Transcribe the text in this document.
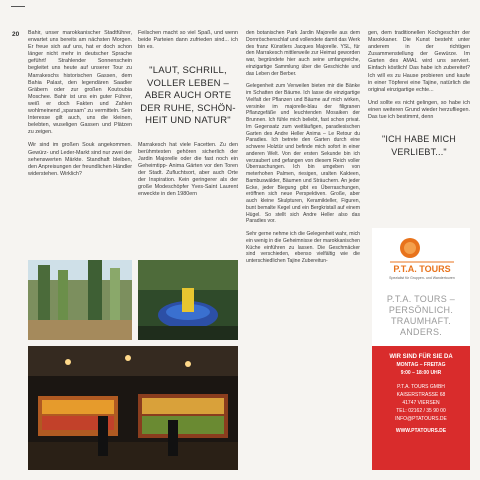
20 Bahir, unser marokkanischer Stadtführer, erwartet uns bereits am nächsten Morgen. Er freue sich auf uns, hat er doch schon länger nicht mehr in deutscher Sprache geführt! Strahlender Sonnenschein begleitet uns heute auf unserer Tour zu Marrakeschs historischen Gassen, dem Bahia Palast, den legendären Saadier Gräbern oder zur großen Koutoubia Moschee. Bahir ist uns ein guter Führer, weiß er doch Fakten und Zahlen wohlmeinend „sparsam“ zu vermitteln. Sein Interesse gilt auch, uns die kleinen, belebten, wuseligen Gassen und Plätzen zu zeigen.

Wir sind im großen Souk angekommen. Gewürz- und Leder-Markt sind nur zwei der sehenswerten Märkte. Standhaft bleiben, den Anpreisungen der freundlichen Händler widerstehen. Wirklich?

Feilschen macht so viel Spaß, und wenn beide Parteien dann zufrieden sind... ich bin es.

"LAUT, SCHRILL,
VOLLER LEBEN –
ABER AUCH ORTE
DER RUHE, SCHÖN-
HEIT UND NATUR"

Marrakesch hat viele Facetten. Zu den berühmtesten gehören sicherlich der Jardin Majorelle oder die fast noch ein Geheimtipp- Anima Gärten vor den Toren der Stadt. Zufluchtsort, aber auch Orte der Inspiration. Kein geringerer als der große Modeschöpfer Yves-Saint Laurent erweckte in den 1980ern

den botanischen Park Jardin Majorelle aus dem Dornröschenschlaf und vollendete damit das Werk des franz Künstlers Jacques Majorelle. YSL, für den Marrakesch mittlerweile zur Heimat geworden war, begründete hier auch seine umfangreiche, einzigartige Sammlung über die Geschichte und das Leben der Berber.

Gelegenheit zum Verweilen bieten mir die Bänke im Schatten der Bäume. Ich lasse die einzigartige Vielfalt der Pflanzen und Bäume auf mich wirken, versinke im majorelle-blau der filigranen Pflanzgefäße und leuchtenden Mosaiken der Brunnen. Ich fühle mich beliebt, fast schon privat. Im Gegensatz zum weitläufigen, paradiesischen Garten des Andre Heller Anima – Le Retour du Paradies. Ich betrete den Garten durch eine schwere Holztür und befinde mich sofort in einer anderen Welt. Von der ersten Sekunde bin ich verzaubert und gefangen von diesem Reich voller Überraschungen. Ich bin umgeben von meterhohen Palmen, riesigen, uralten Kakteen, Bambuswälder, Bäumen und Sträuchern. An jeder Ecke, jeder Biegung gibt es Überraschungen, eröffnen sich neue Perspektiven. Große, aber auch kleine Skulpturen, Keramikteller, Figuren, bunt bemalte Kegel und ein Bergkristall auf einem Hügel. So stellt sich Andre Heller also das Paradies vor.

Sehr gerne nehme ich die Gelegenheit wahr, mich ein wenig in die Geheimnisse der marokkanischen Küche einführen zu lassen. Die Geschmäcker sind verschieden, ebenso vielfältig wie die unterschiedlichen Tajine Zubereitun-

gen, dem traditionellen Kochgeschirr der Marokkaner. Die Kunst besteht unter anderem in der richtigen Zusammenstellung der Gewürze. Im Garten des AMAL wird uns serviert. Einfach köstlich! Das habe ich zubereitet? Ich will es zu Hause probieren und kaufe in einer Töpferei eine Tajine, natürlich die original einzigartige echte...

Und sollte es nicht gelingen, so habe ich einen weiteren Grund wieder herzufliegen. Das tue ich bestimmt, denn

"ICH HABE MICH
VERLIEBT..."
P.T.A. TOURS
Spezialist für Gruppen- und Wandertouren
P.T.A. TOURS –
PERSÖNLICH.
TRAUMHAFT.
ANDERS.
WIR SIND FÜR SIE DA
MONTAG – FREITAG
9:00 – 18:00 UHR
P.T.A. TOURS GMBH
KAISERSTRASSE 68
41747 VIERSEN
TEL: 02162 / 35 90 00
INFO@PTATOURS.DE
WWW.PTATOURS.DE
